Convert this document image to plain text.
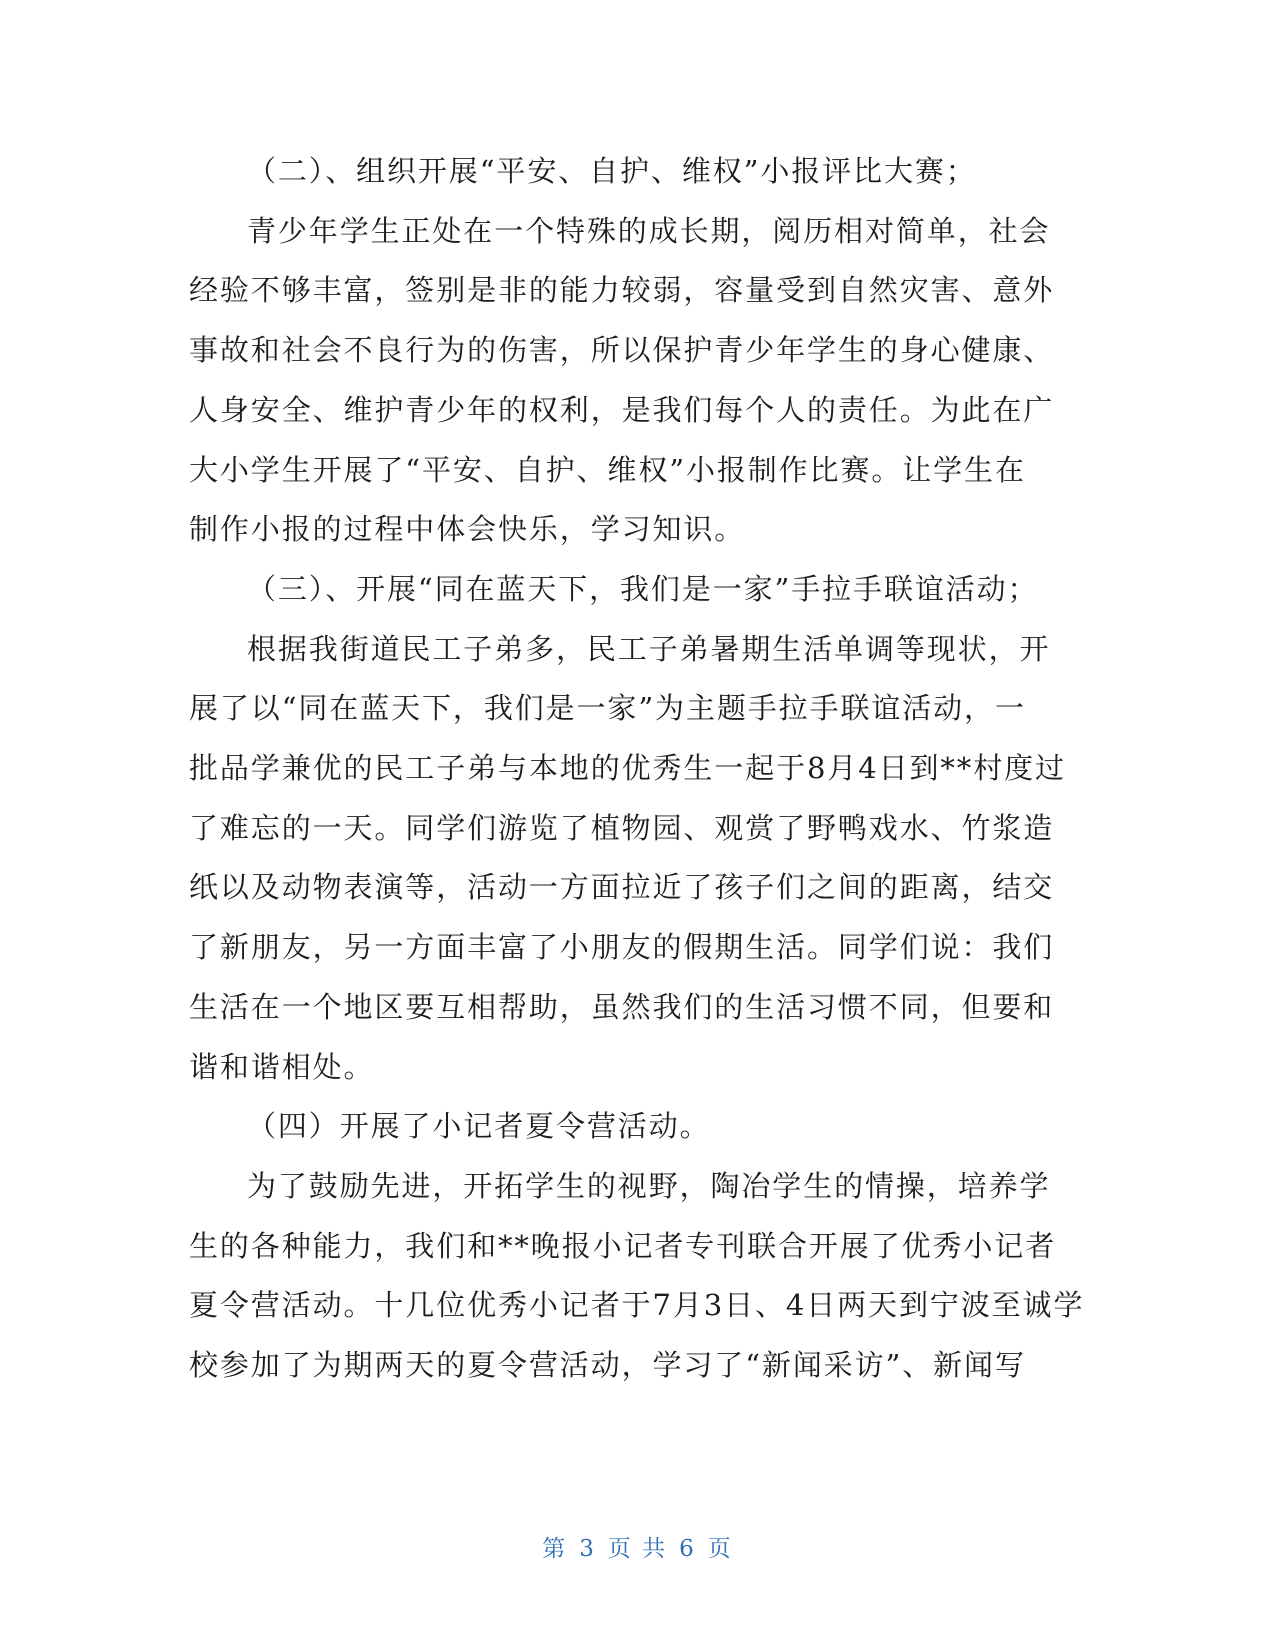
（二）、组织开展“平安、自护、维权”小报评比大赛；

青少年学生正处在一个特殊的成长期，阅历相对简单，社会
经验不够丰富，签别是非的能力较弱，容量受到自然灾害、意外
事故和社会不良行为的伤害，所以保护青少年学生的身心健康、
人身安全、维护青少年的权利，是我们每个人的责任。为此在广
大小学生开展了“平安、自护、维权”小报制作比赛。让学生在
制作小报的过程中体会快乐，学习知识。

（三）、开展“同在蓝天下，我们是一家”手拉手联谊活动；

根据我街道民工子弟多，民工子弟暑期生活单调等现状，开
展了以“同在蓝天下，我们是一家”为主题手拉手联谊活动，一
批品学兼优的民工子弟与本地的优秀生一起于8月4日到**村度过
了难忘的一天。同学们游览了植物园、观赏了野鸭戏水、竹浆造
纸以及动物表演等，活动一方面拉近了孩子们之间的距离，结交
了新朋友，另一方面丰富了小朋友的假期生活。同学们说：我们
生活在一个地区要互相帮助，虽然我们的生活习惯不同，但要和
谐和谐相处。

（四）开展了小记者夏令营活动。

为了鼓励先进，开拓学生的视野，陶冶学生的情操，培养学
生的各种能力，我们和**晚报小记者专刊联合开展了优秀小记者
夏令营活动。十几位优秀小记者于7月3日、4日两天到宁波至诚学
校参加了为期两天的夏令营活动，学习了“新闻采访”、新闻写

第 3 页 共 6 页
